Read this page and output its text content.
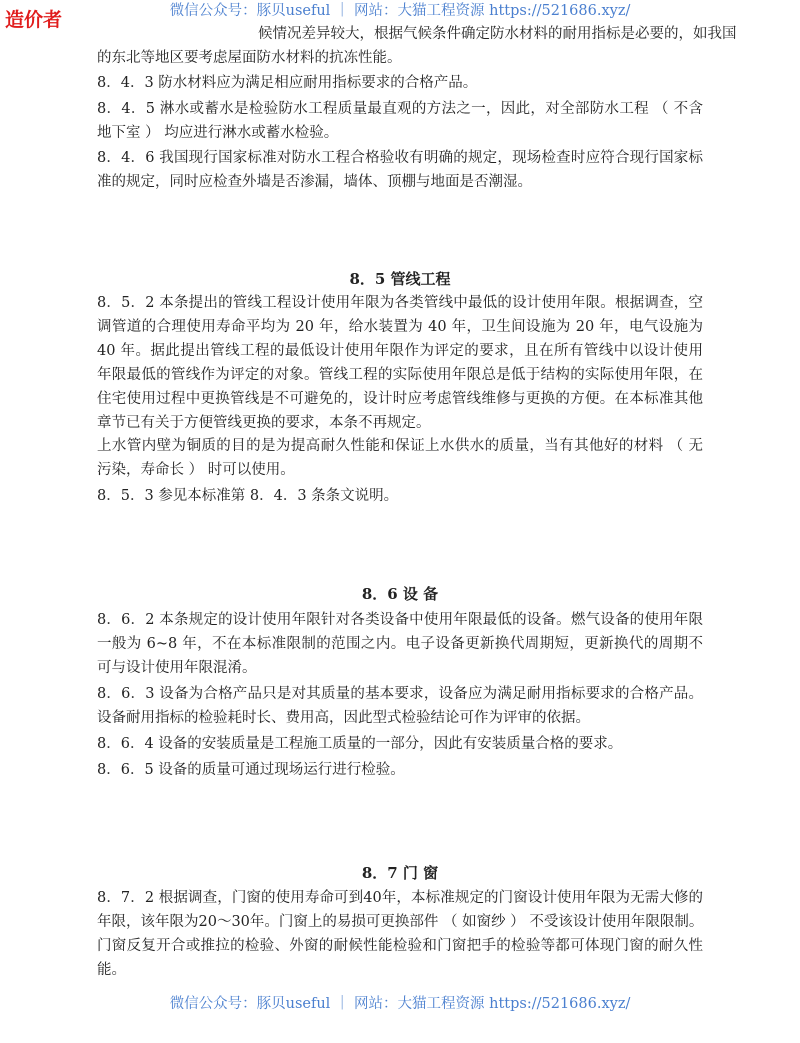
造价者	微信公众号：豚贝useful ｜ 网站：大猫工程资源 https://521686.xyz/
候情况差异较大，根据气候条件确定防水材料的耐用指标是必要的，如我国
的东北等地区要考虑屋面防水材料的抗冻性能。
8．4．3 防水材料应为满足相应耐用指标要求的合格产品。
8．4．5 淋水或蓄水是检验防水工程质量最直观的方法之一，因此，对全部防水工程 （ 不含
地下室 ） 均应进行淋水或蓄水检验。
8．4．6 我国现行国家标准对防水工程合格验收有明确的规定，现场检查时应符合现行国家标
准的规定，同时应检查外墙是否渗漏，墙体、顶棚与地面是否潮湿。
8．5 管线工程
8．5．2 本条提出的管线工程设计使用年限为各类管线中最低的设计使用年限。根据调查，空
调管道的合理使用寿命平均为 20 年，给水装置为 40 年，卫生间设施为 20 年，电气设施为
40 年。据此提出管线工程的最低设计使用年限作为评定的要求，且在所有管线中以设计使用
年限最低的管线作为评定的对象。管线工程的实际使用年限总是低于结构的实际使用年限，在
住宅使用过程中更换管线是不可避免的，设计时应考虑管线维修与更换的方便。在本标准其他
章节已有关于方便管线更换的要求，本条不再规定。
上水管内壁为铜质的目的是为提高耐久性能和保证上水供水的质量，当有其他好的材料 （ 无
污染，寿命长 ） 时可以使用。
8．5．3 参见本标准第 8．4．3 条条文说明。
8．6 设 备
8．6．2 本条规定的设计使用年限针对各类设备中使用年限最低的设备。燃气设备的使用年限
一般为 6~8 年，不在本标准限制的范围之内。电子设备更新换代周期短，更新换代的周期不
可与设计使用年限混淆。
8．6．3 设备为合格产品只是对其质量的基本要求，设备应为满足耐用指标要求的合格产品。
设备耐用指标的检验耗时长、费用高，因此型式检验结论可作为评审的依据。
8．6．4 设备的安装质量是工程施工质量的一部分，因此有安装质量合格的要求。
8．6．5 设备的质量可通过现场运行进行检验。
8．7 门 窗
8．7．2 根据调查，门窗的使用寿命可到40年，本标准规定的门窗设计使用年限为无需大修的
年限，该年限为20～30年。门窗上的易损可更换部件 （ 如窗纱 ） 不受该设计使用年限限制。
门窗反复开合或推拉的检验、外窗的耐候性能检验和门窗把手的检验等都可体现门窗的耐久性
能。
微信公众号：豚贝useful ｜ 网站：大猫工程资源 https://521686.xyz/
